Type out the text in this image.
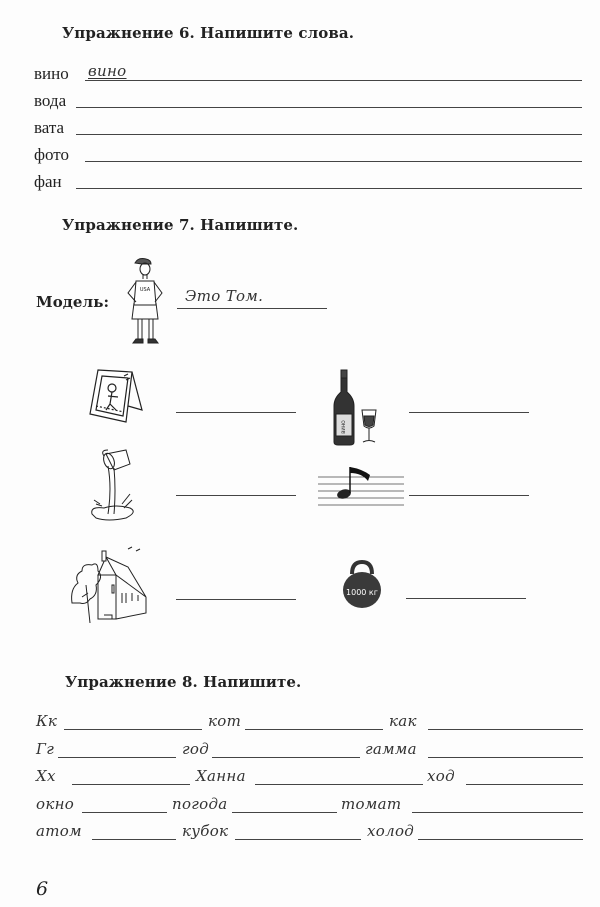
Упражнение 6. Напишите слова.
вино вино
вода
вата
фото
фан
Упражнение 7. Напишите.
Модель:
USA Это Том.
ВИНО
1000 кг
Упражнение 8. Напишите.
Кк	кот	как
Гг	год	гамма
Хх	Ханна	ход
окно	погода	томат
атом	кубок	холод
6
